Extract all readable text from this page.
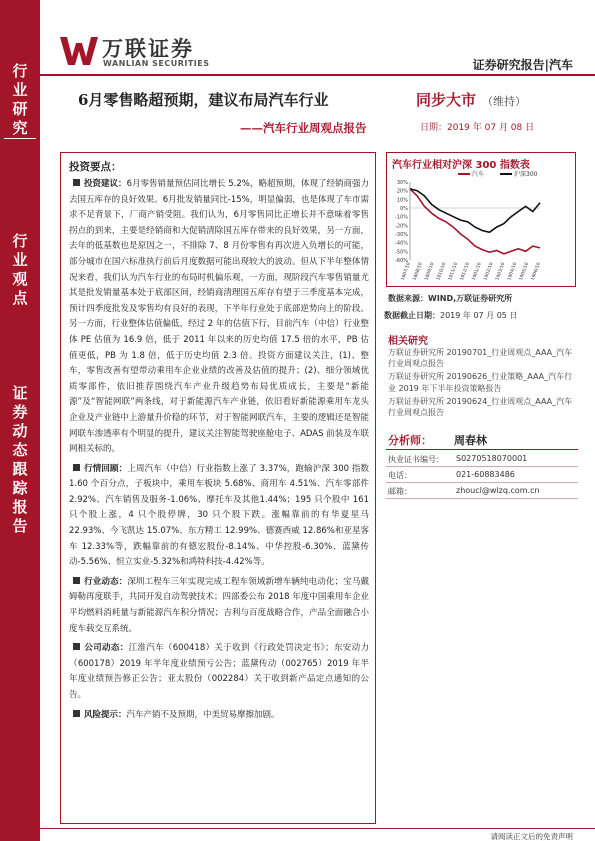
行
业
研
究
行
业
观
点
证
券
动
态
跟
踪
报
告
万联证券
WANLIAN SECURITIES	证券研究报告|汽车
6月零售略超预期，建议布局汽车行业
——汽车行业周观点报告
同步大市 （维持）
日期：2019 年 07 月 08 日
投资要点：

投资建议：6月零售销量预估同比增长 5.2%，略超预期，体现了经销商强力去国五库存的良好效果。6月批发销量同比-15%，明显偏弱，也是体现了车市需求不足背景下，厂商产销受阻。我们认为，6月零售同比正增长并不意味着零售拐点的到来，主要是经销商和大促销清除国五库存带来的良好效果，另一方面，去年的低基数也是原因之一，不排除 7、8 月份零售有再次进入负增长的可能，部分城市在国六标准执行前后月度数据可能出现较大的波动。但从下半年整体情况来看，我们认为汽车行业的布局时机偏乐观，一方面，现阶段汽车零售销量尤其是批发销量基本处于底部区间，经销商清理国五库存有望于三季度基本完成，预计四季度批发及零售均有良好的表现，下半年行业处于底部逆势向上的阶段。另一方面，行业整体估值偏低，经过 2 年的估值下行，目前汽车（中信）行业整体 PE 估值为 16.9 倍，低于 2011 年以来的历史均值 17.5 倍的水平，PB 估值更低，PB 为 1.8 倍，低于历史均值 2.3 倍。投资方面建议关注，(1)、整车，零售改善有望带动乘用车企业业绩的改善及估值的提升；(2)、细分领域优质零部件，依旧推荐围绕汽车产业升级趋势布局优质成长，主要是“新能源”及“智能网联”两条线，对于新能源汽车产业链，依旧看好新能源乘用车龙头企业及产业链中上游量升价稳的环节，对于智能网联汽车，主要的逻辑还是智能网联车渗透率有个明显的提升，建议关注智能驾驶座舱电子、ADAS 前装及车联网相关标的。

行情回顾：上周汽车（中信）行业指数上涨了 3.37%，跑输沪深 300 指数 1.60 个百分点，子板块中，乘用车板块 5.68%、商用车 4.51%、汽车零部件 2.92%、汽车销售及服务-1.06%、摩托车及其他1.44%；195 只个股中 161 只个股上涨，4 只个股停牌，30 只个股下跌。涨幅靠前的有华夏星马 22.93%、今飞凯达 15.07%、东方精工 12.99%、德赛西威 12.86%和亚星客车 12.33%等，跌幅靠前的有德宏股份-8.14%、中华控股-6.30%、蓝黛传动-5.56%、恒立实业-5.32%和鸿特科技-4.42%等。

行业动态：深圳工程车三年实现完成工程车领域新增车辆纯电动化；宝马戴姆勒再度联手，共同开发自动驾驶技术；四部委公布 2018 年度中国乘用车企业平均燃料消耗量与新能源汽车积分情况；吉利与百度战略合作，产品全面融合小度车载交互系统。

公司动态：江淮汽车（600418）关于收到《行政处罚决定书》；东安动力（600178）2019 年半年度业绩预亏公告；蓝黛传动（002765）2019 年半年度业绩预告修正公告；亚太股份（002284）关于收到新产品定点通知的公告。

风险提示：汽车产销不及预期，中美贸易摩擦加剧。

汽车行业相对沪深 300 指数表
30%
20%
10%
0%
-10%
-20%
-30%
-40%
-50%
-60%
1807/10 1808/10 1809/10 1810/10 1811/10 1812/10 1901/10 1902/10 1903/10 1904/10 1905/10 1906/10
汽车	沪深300
数据来源：WIND,万联证券研究所
数据截止日期：2019 年 07 月 05 日
相关研究
万联证券研究所 20190701_行业周观点_AAA_汽车行业周观点报告
万联证券研究所 20190626_行业策略_AAA_汽车行业 2019 年下半年投资策略报告
万联证券研究所 20190624_行业周观点_AAA_汽车行业周观点报告
分析师： 周春林
执业证书编号： S0270518070001
电话：	021-60883486
邮箱：	zhoucl@wlzq.com.cn
请阅读正文后的免责声明
